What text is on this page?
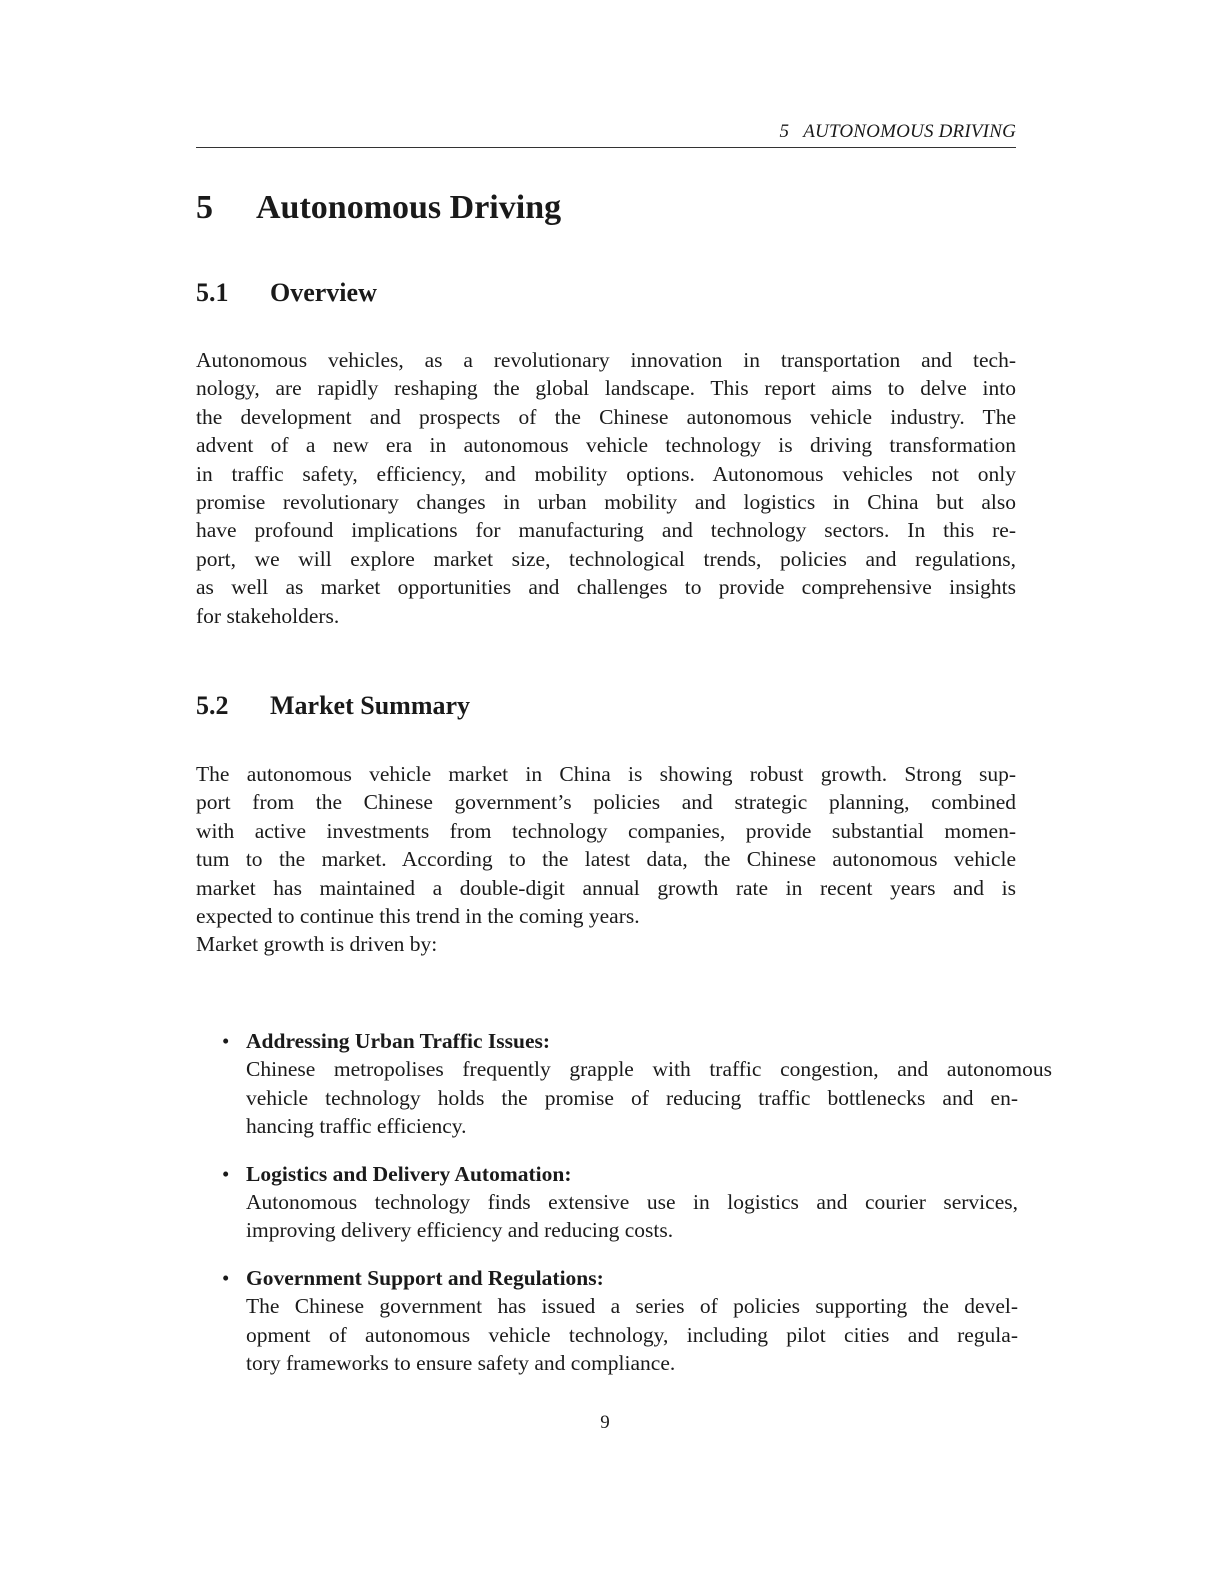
5 AUTONOMOUS DRIVING
5 Autonomous Driving
5.1 Overview

Autonomous vehicles, as a revolutionary innovation in transportation and tech-
nology, are rapidly reshaping the global landscape. This report aims to delve into
the development and prospects of the Chinese autonomous vehicle industry. The
advent of a new era in autonomous vehicle technology is driving transformation
in traffic safety, efficiency, and mobility options. Autonomous vehicles not only
promise revolutionary changes in urban mobility and logistics in China but also
have profound implications for manufacturing and technology sectors. In this re-
port, we will explore market size, technological trends, policies and regulations,
as well as market opportunities and challenges to provide comprehensive insights
for stakeholders.

5.2 Market Summary

The autonomous vehicle market in China is showing robust growth. Strong sup-
port from the Chinese government’s policies and strategic planning, combined
with active investments from technology companies, provide substantial momen-
tum to the market. According to the latest data, the Chinese autonomous vehicle
market has maintained a double-digit annual growth rate in recent years and is
expected to continue this trend in the coming years.
Market growth is driven by:

• Addressing Urban Traffic Issues:
Chinese metropolises frequently grapple with traffic congestion, and autonomous
vehicle technology holds the promise of reducing traffic bottlenecks and en-
hancing traffic efficiency.
• Logistics and Delivery Automation:
Autonomous technology finds extensive use in logistics and courier services,
improving delivery efficiency and reducing costs.
• Government Support and Regulations:
The Chinese government has issued a series of policies supporting the devel-
opment of autonomous vehicle technology, including pilot cities and regula-
tory frameworks to ensure safety and compliance.
9
